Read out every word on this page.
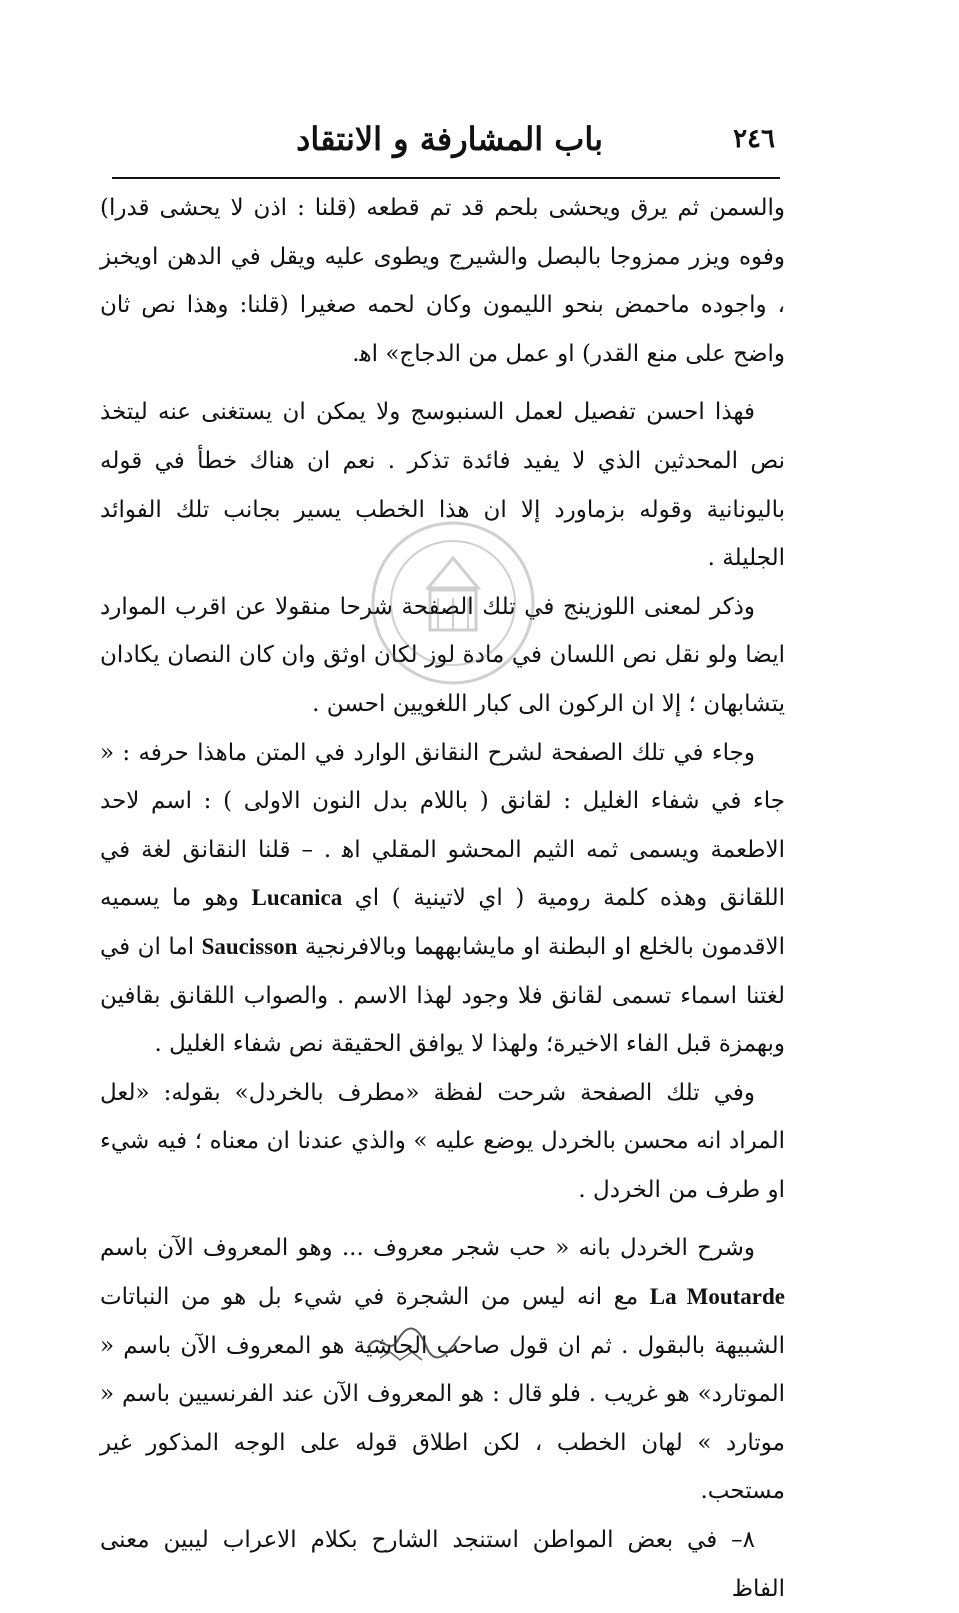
٢٤٦
باب المشارفة و الانتقاد

والسمن ثم يرق ويحشى بلحم قد تم قطعه (قلنا : اذن لا يحشى قدرا) وفوه ويزر ممزوجا بالبصل والشيرج ويطوى عليه ويقل في الدهن اويخبز ، واجوده ماحمض بنحو الليمون وكان لحمه صغيرا (قلنا: وهذا نص ثان واضح على منع القدر) او عمل من الدجاج» اﻫ.

فهذا احسن تفصيل لعمل السنبوسج ولا يمكن ان يستغنى عنه ليتخذ نص المحدثين الذي لا يفيد فائدة تذكر . نعم ان هناك خطأ في قوله باليونانية وقوله بزماورد إلا ان هذا الخطب يسير بجانب تلك الفوائد الجليلة .

وذكر لمعنى اللوزينج في تلك الصفحة شرحا منقولا عن اقرب الموارد ايضا ولو نقل نص اللسان في مادة لوز لكان اوثق وان كان النصان يكادان يتشابهان ؛ إلا ان الركون الى كبار اللغويين احسن .

وجاء في تلك الصفحة لشرح النقانق الوارد في المتن ماهذا حرفه : « جاء في شفاء الغليل : لقانق ( باللام بدل النون الاولى ) : اسم لاحد الاطعمة ويسمى ثمه الثيم المحشو المقلي اﻫ . – قلنا النقانق لغة في اللقانق وهذه كلمة رومية ( اي لاتينية ) اي Lucanica وهو ما يسميه الاقدمون بالخلع او البطنة او مايشابههما وبالافرنجية Saucisson اما ان في لغتنا اسماء تسمى لقانق فلا وجود لهذا الاسم . والصواب اللقانق بقافين وبهمزة قبل الفاء الاخيرة؛ ولهذا لا يوافق الحقيقة نص شفاء الغليل .

وفي تلك الصفحة شرحت لفظة «مطرف بالخردل» بقوله: «لعل المراد انه محسن بالخردل يوضع عليه » والذي عندنا ان معناه ؛ فيه شيء او طرف من الخردل .

وشرح الخردل بانه « حب شجر معروف ... وهو المعروف الآن باسم La Moutarde مع انه ليس من الشجرة في شيء بل هو من النباتات الشبيهة بالبقول . ثم ان قول صاحب الحاشية هو المعروف الآن باسم « الموتارد» هو غريب . فلو قال : هو المعروف الآن عند الفرنسيين باسم « موتارد » لهان الخطب ، لكن اطلاق قوله على الوجه المذكور غير مستحب.

٨– في بعض المواطن استنجد الشارح بكلام الاعراب ليبين معنى الفاظ
